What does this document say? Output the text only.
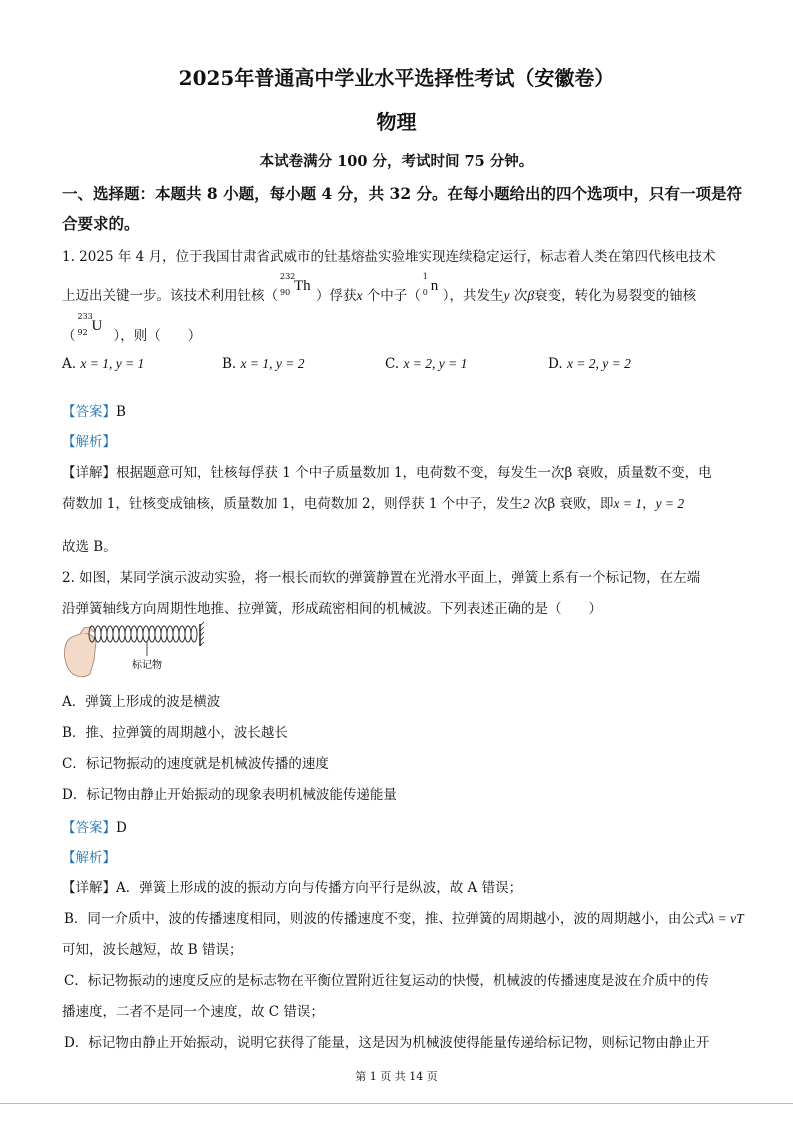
2025年普通高中学业水平选择性考试（安徽卷）
物理
本试卷满分 100 分，考试时间 75 分钟。
一、选择题：本题共 8 小题，每小题 4 分，共 32 分。在每小题给出的四个选项中，只有一项是符
合要求的。
1. 2025 年 4 月，位于我国甘肃省武威市的钍基熔盐实验堆实现连续稳定运行，标志着人类在第四代核电技术
上迈出关键一步。该技术利用钍核（
232
90 Th
）俘获x 个中子（
1
0 n
），共发生y 次β衰变，转化为易裂变的铀核
（
233
92 U
），则（　　）
A. x = 1, y = 1	B. x = 1, y = 2	C. x = 2, y = 1	D. x = 2, y = 2
【答案】B
【解析】
【详解】根据题意可知，钍核每俘获 1 个中子质量数加 1，电荷数不变，每发生一次β 衰败，质量数不变，电
荷数加 1，钍核变成铀核，质量数加 1，电荷数加 2，则俘获 1 个中子，发生2 次β 衰败，即x = 1，y = 2
故选 B。
2. 如图，某同学演示波动实验，将一根长而软的弹簧静置在光滑水平面上，弹簧上系有一个标记物，在左端
沿弹簧轴线方向周期性地推、拉弹簧，形成疏密相间的机械波。下列表述正确的是（　　）
标记物
A．弹簧上形成的波是横波
B．推、拉弹簧的周期越小，波长越长
C．标记物振动的速度就是机械波传播的速度
D．标记物由静止开始振动的现象表明机械波能传递能量
【答案】D
【解析】
【详解】A．弹簧上形成的波的振动方向与传播方向平行是纵波，故 A 错误；
B．同一介质中，波的传播速度相同，则波的传播速度不变，推、拉弹簧的周期越小，波的周期越小，由公式λ = vT
可知，波长越短，故 B 错误；
C．标记物振动的速度反应的是标志物在平衡位置附近往复运动的快慢，机械波的传播速度是波在介质中的传
播速度，二者不是同一个速度，故 C 错误；
D．标记物由静止开始振动，说明它获得了能量，这是因为机械波使得能量传递给标记物，则标记物由静止开
第 1 页 共 14 页
